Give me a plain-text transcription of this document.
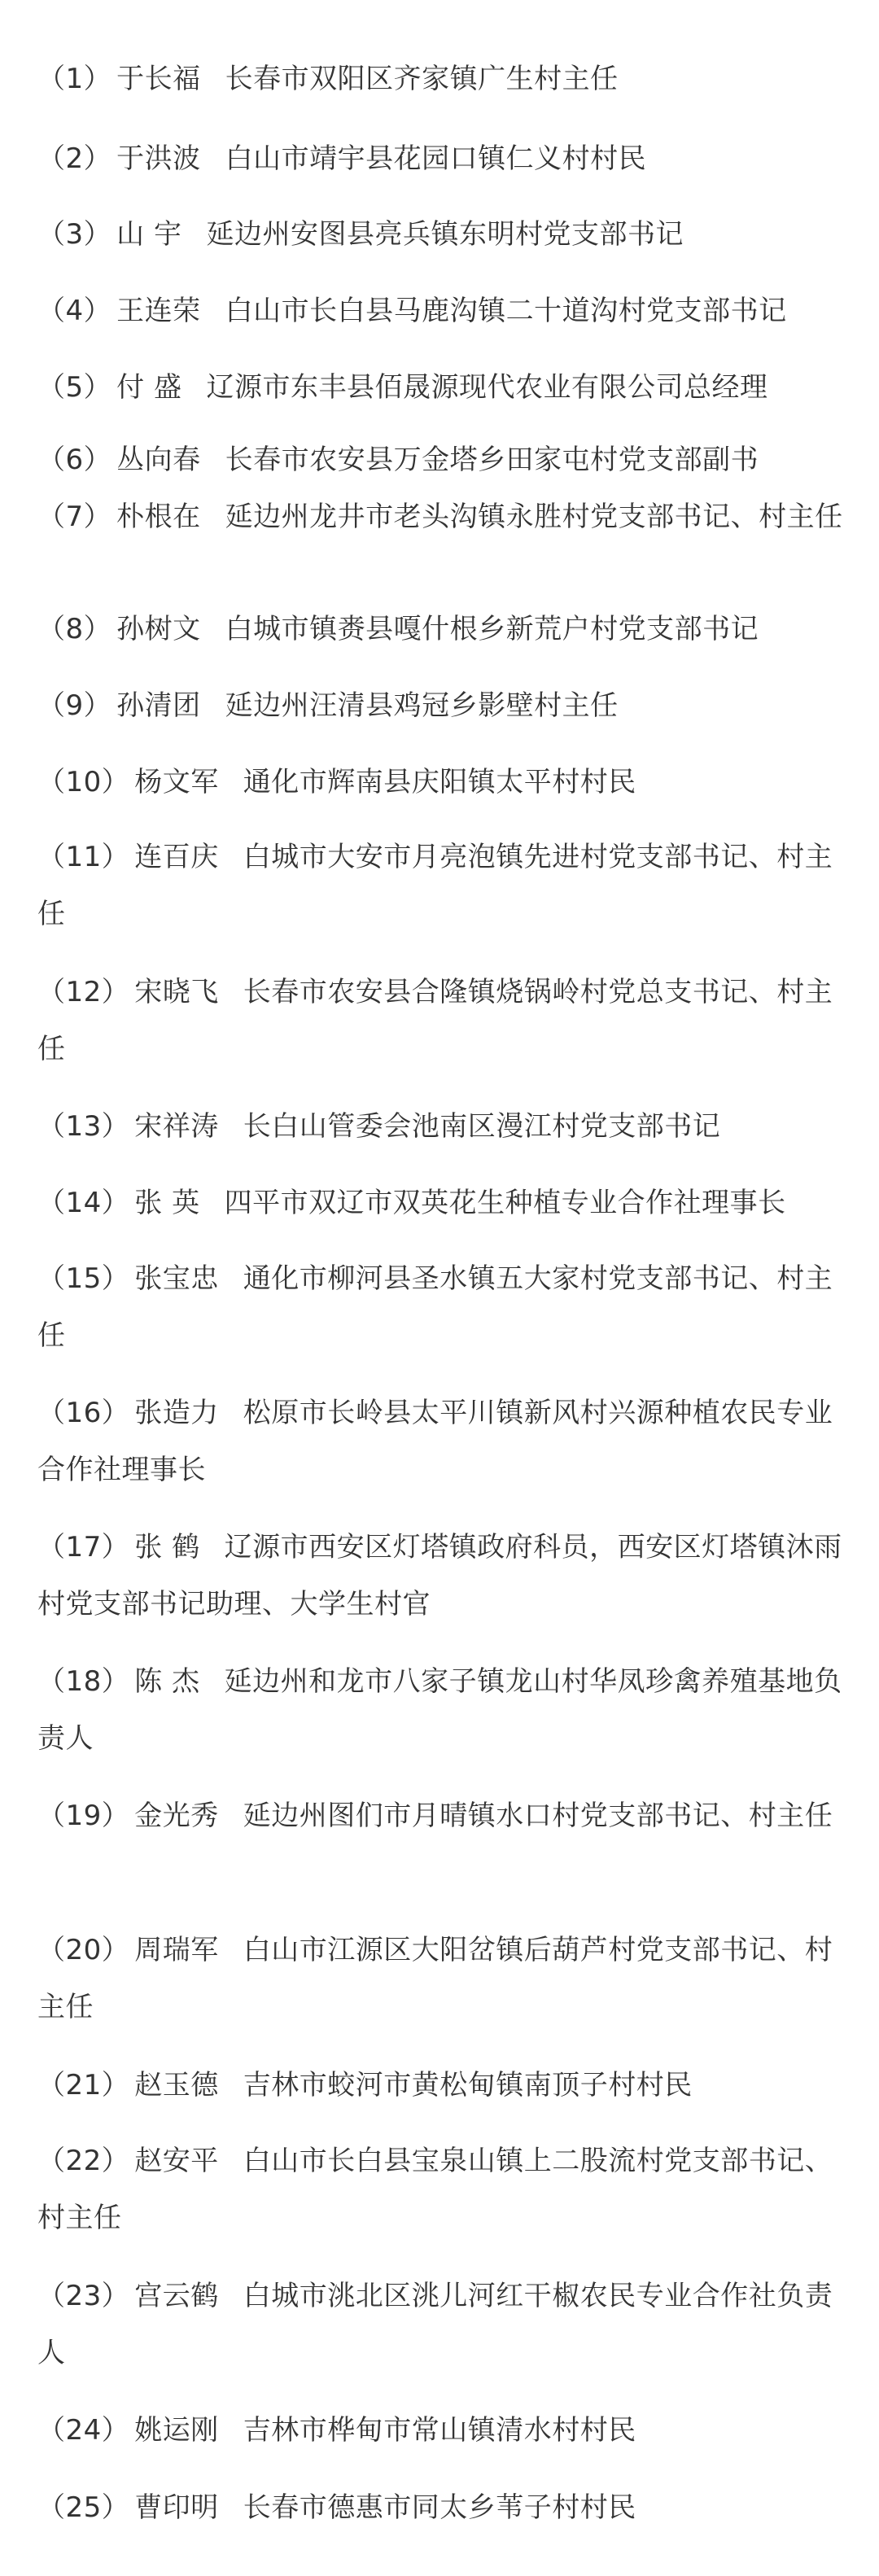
（1） 于长福 长春市双阳区齐家镇广生村主任
（2） 于洪波 白山市靖宇县花园口镇仁义村村民
（3） 山 宇 延边州安图县亮兵镇东明村党支部书记
（4） 王连荣 白山市长白县马鹿沟镇二十道沟村党支部书记
（5） 付 盛 辽源市东丰县佰晟源现代农业有限公司总经理
（6） 丛向春 长春市农安县万金塔乡田家屯村党支部副书
（7） 朴根在 延边州龙井市老头沟镇永胜村党支部书记、村主任
（8） 孙树文 白城市镇赉县嘎什根乡新荒户村党支部书记
（9） 孙清团 延边州汪清县鸡冠乡影壁村主任
（10） 杨文军 通化市辉南县庆阳镇太平村村民
（11） 连百庆 白城市大安市月亮泡镇先进村党支部书记、村主任
（12） 宋晓飞 长春市农安县合隆镇烧锅岭村党总支书记、村主任
（13） 宋祥涛 长白山管委会池南区漫江村党支部书记
（14） 张 英 四平市双辽市双英花生种植专业合作社理事长
（15） 张宝忠 通化市柳河县圣水镇五大家村党支部书记、村主任
（16） 张造力 松原市长岭县太平川镇新风村兴源种植农民专业合作社理事长
（17） 张 鹤 辽源市西安区灯塔镇政府科员，西安区灯塔镇沐雨村党支部书记助理、大学生村官
（18） 陈 杰 延边州和龙市八家子镇龙山村华凤珍禽养殖基地负责人
（19） 金光秀 延边州图们市月晴镇水口村党支部书记、村主任
（20） 周瑞军 白山市江源区大阳岔镇后葫芦村党支部书记、村主任
（21） 赵玉德 吉林市蛟河市黄松甸镇南顶子村村民
（22） 赵安平 白山市长白县宝泉山镇上二股流村党支部书记、村主任
（23） 宫云鹤 白城市洮北区洮儿河红干椒农民专业合作社负责人
（24） 姚运刚 吉林市桦甸市常山镇清水村村民
（25） 曹印明 长春市德惠市同太乡苇子村村民
